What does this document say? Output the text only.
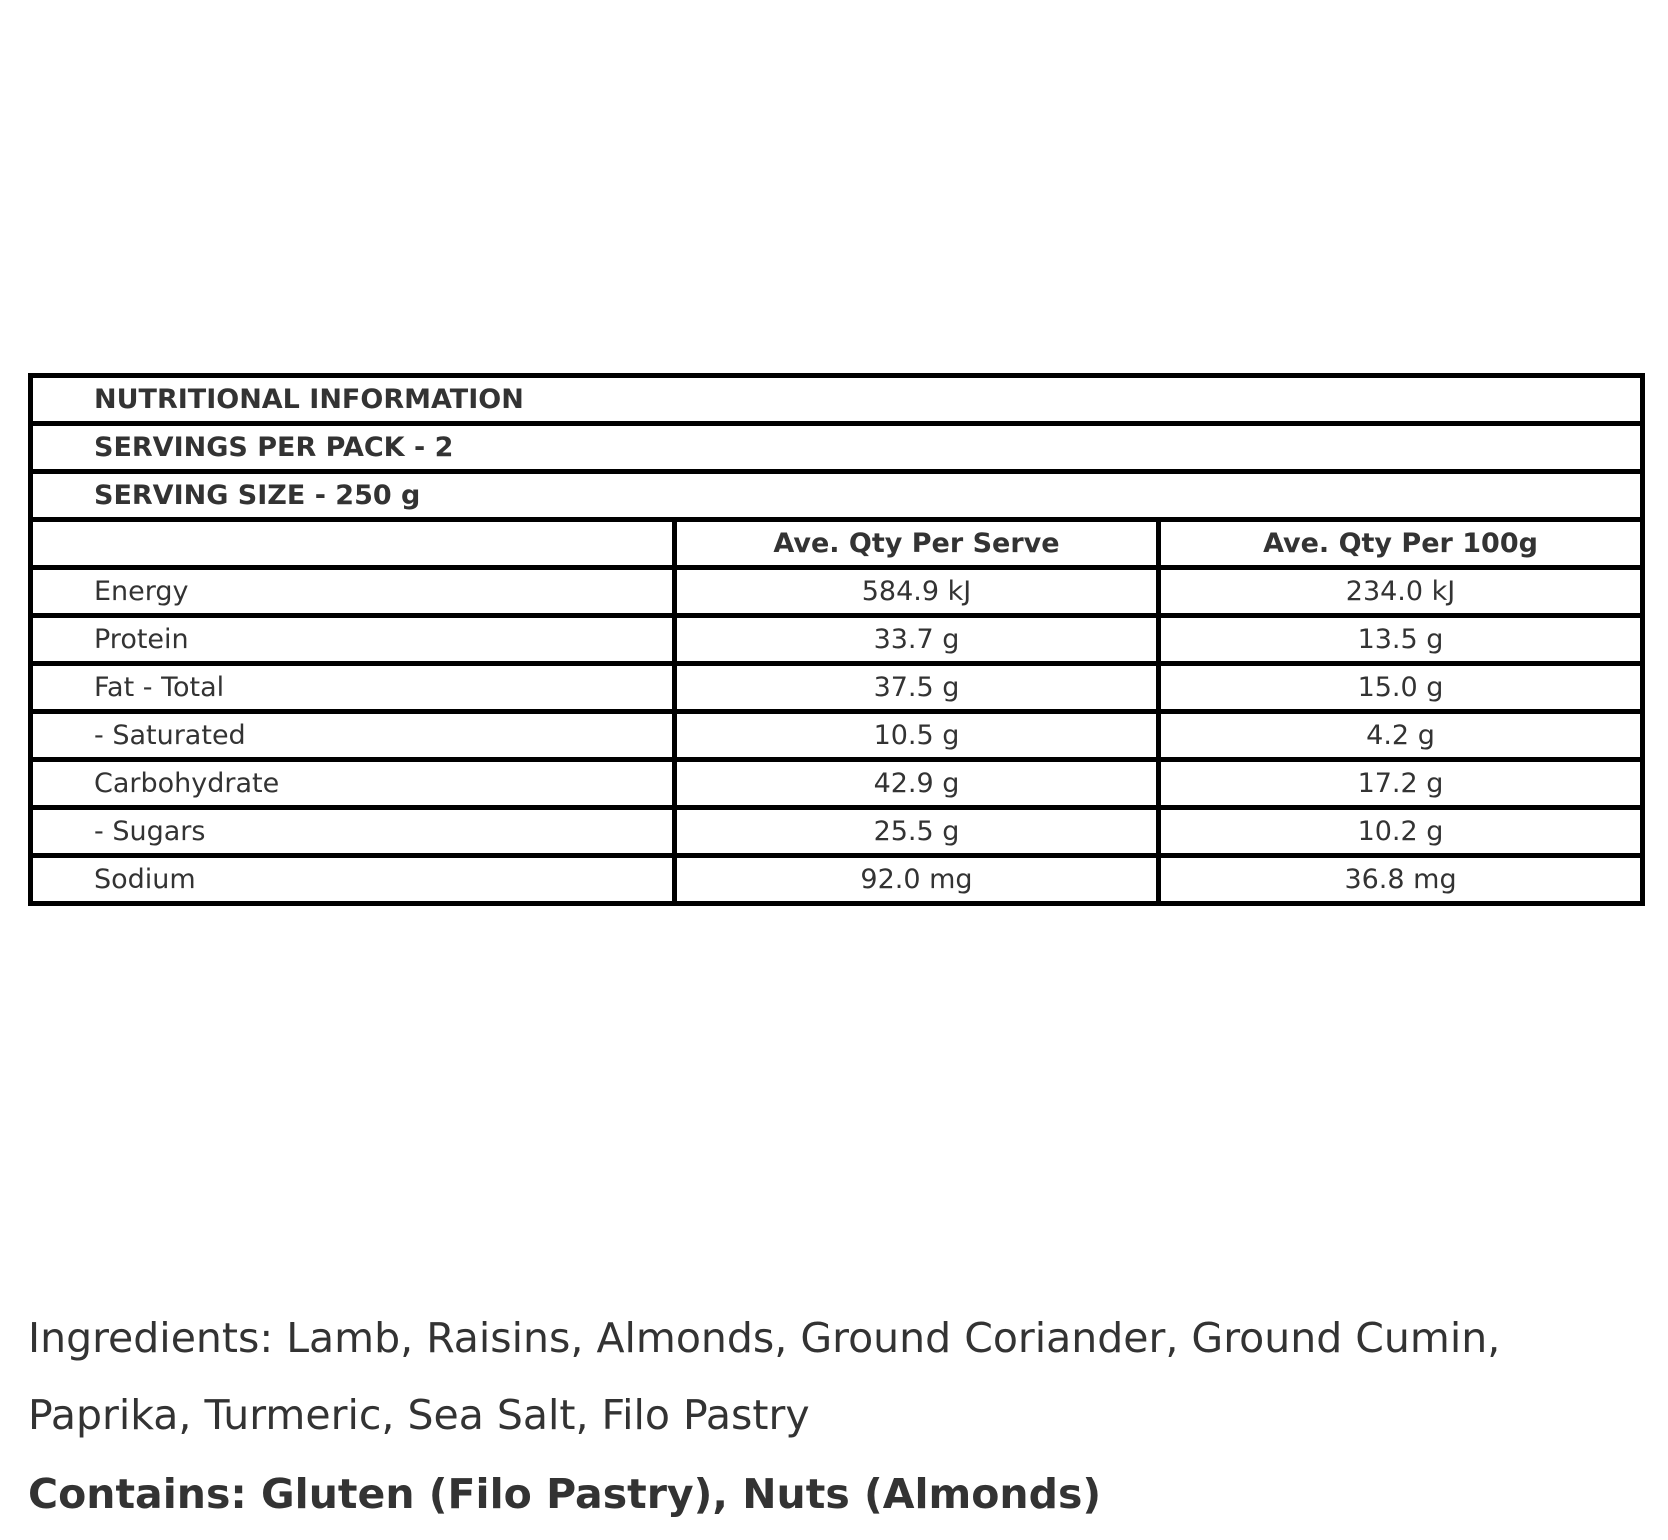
NUTRITIONAL INFORMATION		
SERVINGS PER PACK - 2		
SERVING SIZE - 250 g		
	Ave. Qty Per Serve	Ave. Qty Per 100g
Energy	584.9 kJ	234.0 kJ
Protein	33.7 g	13.5 g
Fat - Total	37.5 g	15.0 g
- Saturated	10.5 g	4.2 g
Carbohydrate	42.9 g	17.2 g
- Sugars	25.5 g	10.2 g
Sodium	92.0 mg	36.8 mg
Ingredients: Lamb, Raisins, Almonds, Ground Coriander, Ground Cumin, Paprika, Turmeric, Sea Salt, Filo Pastry
Contains: Gluten (Filo Pastry), Nuts (Almonds)
